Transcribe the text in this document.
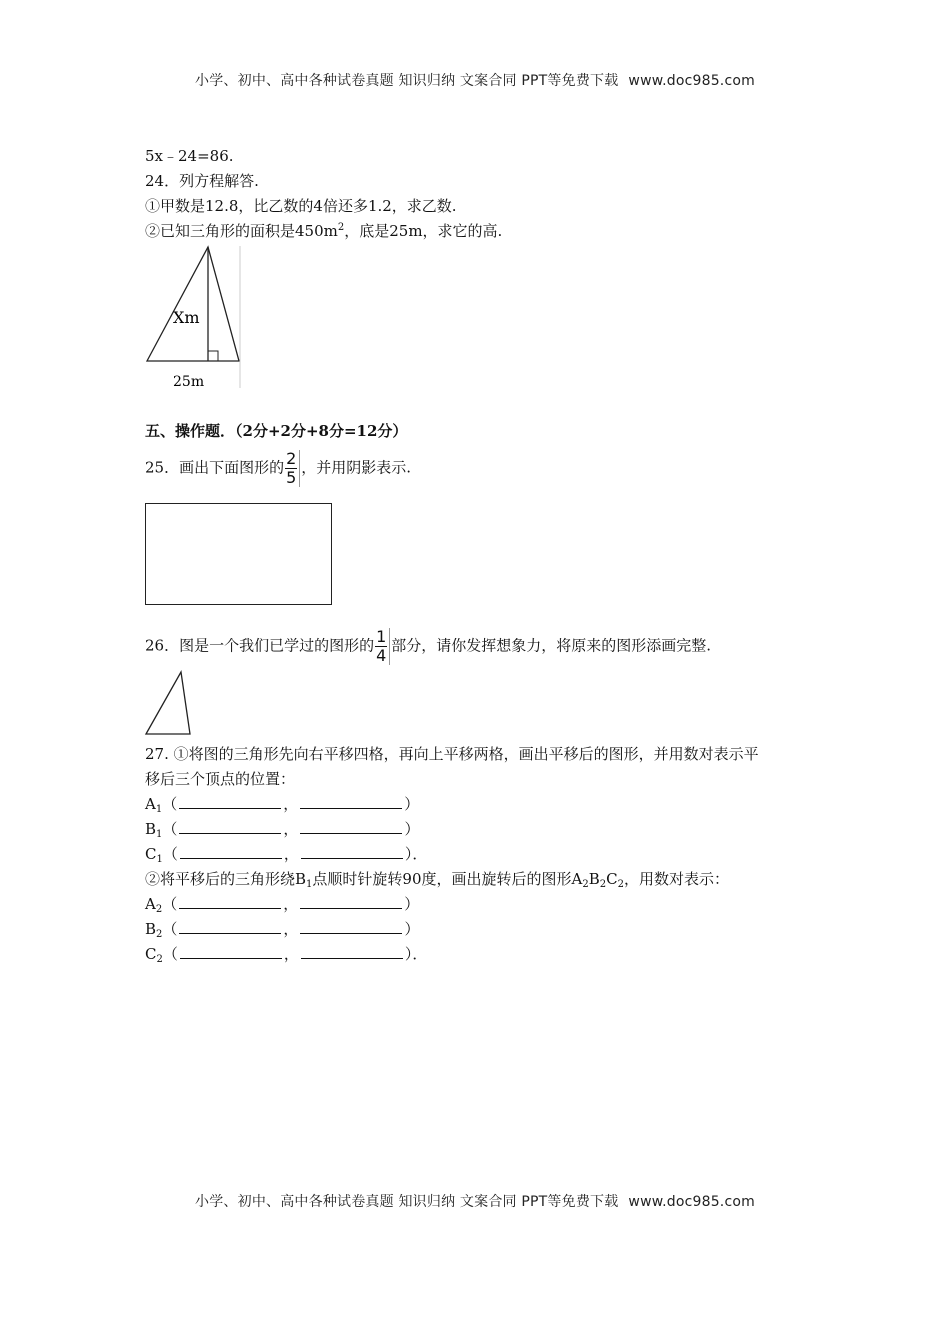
小学、初中、高中各种试卷真题 知识归纳 文案合同 PPT等免费下载 www.doc985.com
5x﹣24=86.
24．列方程解答.
①甲数是12.8，比乙数的4倍还多1.2，求乙数.
②已知三角形的面积是$450m^2$，底是25m，求它的高.
Xm
25m
五、操作题．（2分+2分+8分=12分）
25．画出下面图形的 $\frac{2}{5}$ ，并用阴影表示.
26．图是一个我们已学过的图形的 $\frac{1}{4}$ 部分，请你发挥想象力，将原来的图形添画完整.
27. ①将图的三角形先向右平移四格，再向上平移两格，画出平移后的图形，并用数对表示平
移后三个顶点的位置：
$A_1$（	，	）
$B_1$（	，	）
$C_1$（	，	）．
②将平移后的三角形绕$B_1$点顺时针旋转90度，画出旋转后的图形$A_2B_2C_2$，用数对表示：
$A_2$（	，	）
$B_2$（	，	）
$C_2$（	，	）．
小学、初中、高中各种试卷真题 知识归纳 文案合同 PPT等免费下载 www.doc985.com
